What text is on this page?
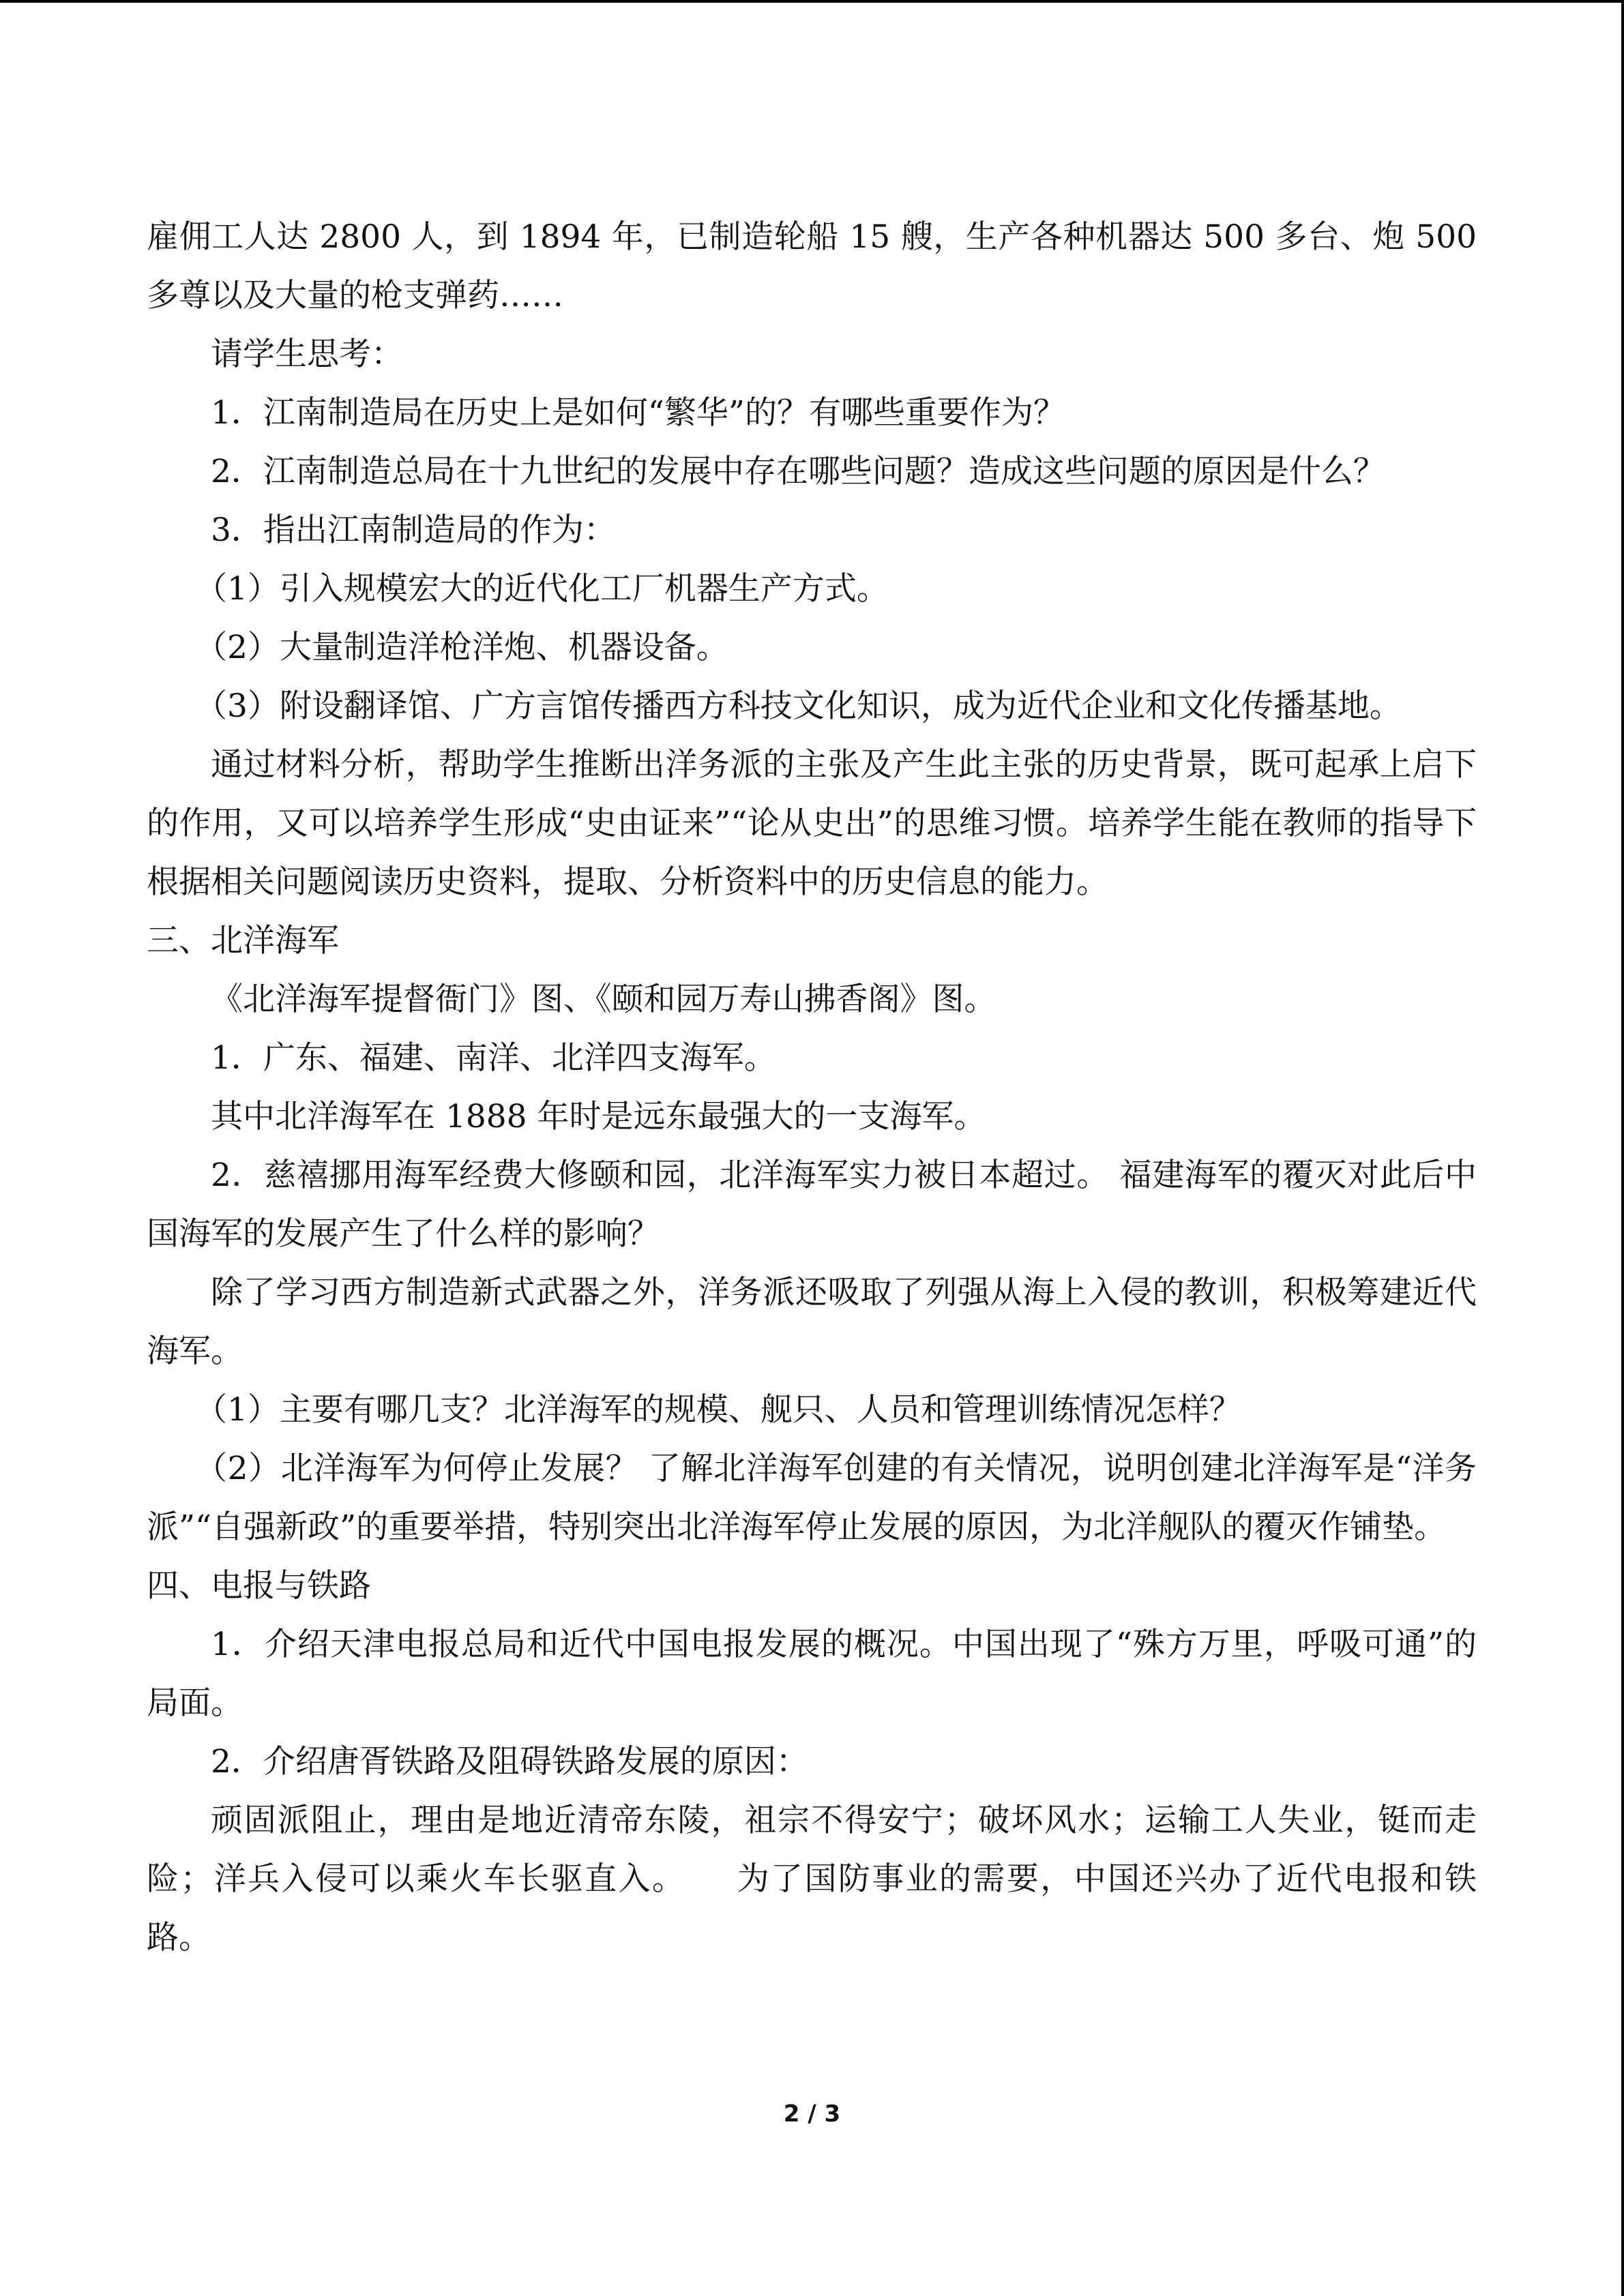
雇佣工人达 2800 人，到 1894 年，已制造轮船 15 艘，生产各种机器达 500 多台、炮 500 多尊以及大量的枪支弹药……

请学生思考：

1．江南制造局在历史上是如何“繁华”的？有哪些重要作为？

2．江南制造总局在十九世纪的发展中存在哪些问题？造成这些问题的原因是什么？

3．指出江南制造局的作为：

（1）引入规模宏大的近代化工厂机器生产方式。

（2）大量制造洋枪洋炮、机器设备。

（3）附设翻译馆、广方言馆传播西方科技文化知识，成为近代企业和文化传播基地。

通过材料分析，帮助学生推断出洋务派的主张及产生此主张的历史背景，既可起承上启下的作用，又可以培养学生形成“史由证来”“论从史出”的思维习惯。培养学生能在教师的指导下根据相关问题阅读历史资料，提取、分析资料中的历史信息的能力。

三、北洋海军

《北洋海军提督衙门》图、《颐和园万寿山拂香阁》图。

1．广东、福建、南洋、北洋四支海军。

其中北洋海军在 1888 年时是远东最强大的一支海军。

2．慈禧挪用海军经费大修颐和园，北洋海军实力被日本超过。 福建海军的覆灭对此后中国海军的发展产生了什么样的影响？

除了学习西方制造新式武器之外，洋务派还吸取了列强从海上入侵的教训，积极筹建近代海军。

（1）主要有哪几支？北洋海军的规模、舰只、人员和管理训练情况怎样？

（2）北洋海军为何停止发展？ 了解北洋海军创建的有关情况，说明创建北洋海军是“洋务派”“自强新政”的重要举措，特别突出北洋海军停止发展的原因，为北洋舰队的覆灭作铺垫。

四、电报与铁路

1．介绍天津电报总局和近代中国电报发展的概况。中国出现了“殊方万里，呼吸可通”的局面。

2．介绍唐胥铁路及阻碍铁路发展的原因：

顽固派阻止，理由是地近清帝东陵，祖宗不得安宁；破坏风水；运输工人失业，铤而走险；洋兵入侵可以乘火车长驱直入。　　为了国防事业的需要，中国还兴办了近代电报和铁路。

2 / 3
